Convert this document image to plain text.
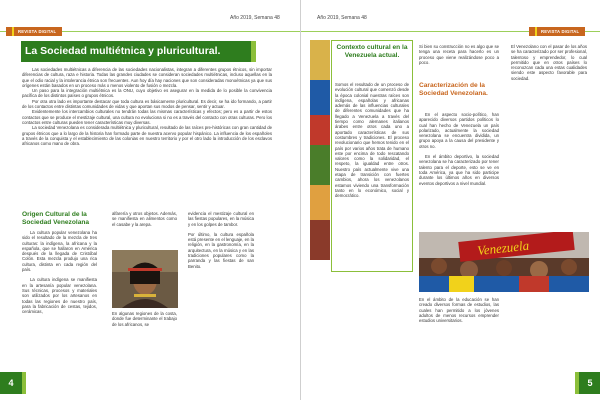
Año 2019, Semana 48
REVISTA DIGITAL
La Sociedad multiétnica y pluricultural.

Las sociedades multiétnicas a diferencia de las sociedades nacionalistas, integran a diferentes grupos étnicos, sin importar diferencias de cultura, raza e historia. Todas las grandes ciudades se consideran sociedades multiétnicas, incluso aquellas en la que el odio racial y la intolerancia étnica son frecuentes. Aun hoy día hay naciones que son consideradas monoétnicas ya que sus orígenes están basados en un proceso más o menos violento de fusión o mezcla.

Un paso para la integración multiétnica es la ONU, cuyo objetivo es asegurar en la medida de lo posible la convivencia pacífica de los distintos países o grupos étnicos.

Por otra otra lado es importante destacar que toda cultura es básicamente pluricultural. Es decir, se ha ido formando, a partir de los contactos entre distintas comunidades de vidas y que aportan sus modos de pensar, sentir y actuar.

Evidentemente los intercambios culturales no tendrán todas las mismas características y efectos; pero es a partir de estos contactos que se produce el mestizaje cultural, una cultura no evoluciona si no es a través del contacto con otras culturas. Pero los contactos entre culturas pueden tener características muy diversas.

La sociedad Venezolana es considerada multiétnica y pluricultural, resultado de las raíces pre-históricas con gran cantidad de grupos étnicos que a lo largo de la historia han formado parte de nuestra acervo popular hispánico. La influencia de los españoles a través de la conquista y el establecimiento de las colonias en nuestro territorio y por el otro lado la introducción de los esclavos africanos como mano de obra.

Origen Cultural de la Sociedad Venezolana

La cultura popular venezolana ha sido el resultado de la mezcla de tres culturas: la indígena, la africana y la española, que se hallaron en América después de la llegada de Cristóbal Colón. Esta mezcla produjo una rica cultura, distinta en cada región del país.

La cultura indígena se manifiesta en la artesanía popular venezolana. Sus técnicas, procesos y materiales son utilizados por los artesanos en todas las regiones de nuestro país, para la fabricación de cestas, tejidos, cerámicas,

alfarería y otros objetos. Además, se manifiesta en alimentos como el casabe y la arepa.
En algunas regiones de la costa, donde fue determinante el trabajo de los africanos, se

evidencia el mestizaje cultural en las fiestas populares, en la música y en los golpes de tambor.

Por último, la cultura española está presente en el lenguaje, en la religión, en la gastronomía, en la arquitectura, en la música y en las tradiciones populares como la parranda y las fiestas de san Benito.

4
Año 2019, Semana 48
REVISTA DIGITAL
Contexto cultural en la Venezuela actual.
Somos el resultado de un proceso de evolución cultural que comenzó desde la época colonial nuestras raíces son indígena, españolas y africanas además de las influencias culturales de diferentes comunidades que ha llegado a Venezuela a través del tiempo como alemanes italianos árabes entre otros cada uno a aportado características de sus costumbres y tradiciones. El proceso revolucionario que hemos tenido en el país por varios años trata de humano este por encima de todo rescatando valores como la solidaridad, el respeto, la igualdad entre otros. Nuestro país actualmente vive una etapa de transición con fuertes cambios, ahora los venezolanos estamos viviendo una transformación tanto en lo económico, social y democrático.
Si bien su construcción no es algo que se tenga una receta para hacerlo es un proceso que viene realizándose poco a poco.
Caracterización de la Sociedad Venezolana.

En el aspecto socio-político, han aparecido diversos partidos políticos lo cual han hecho de Venezuela un país polarizado, actualmente la sociedad venezolana se encuentra dividida, un grupo apoya a la causa del presidente y otros no.

En el ámbito deportivo, la sociedad venezolana se ha caracterizado por tener talento para el deporte, esto se ve en toda América, ya que ha sido participe durante los últimos años en diversos eventos deportivos a nivel mundial.

El Venezolano con el pasar de los años se ha caracterizado por ser profesional, talentoso y emprendedor, lo cual permitido que en otros países lo reconozcan cada una estas cualidades siendo este aspecto favorable para sociedad.
Venezuela
En el ámbito de la educación se han creado diversos formas de estudios, las cuales han permitido a los jóvenes adultos de menos recursos emprender estudios universitarios.
5
